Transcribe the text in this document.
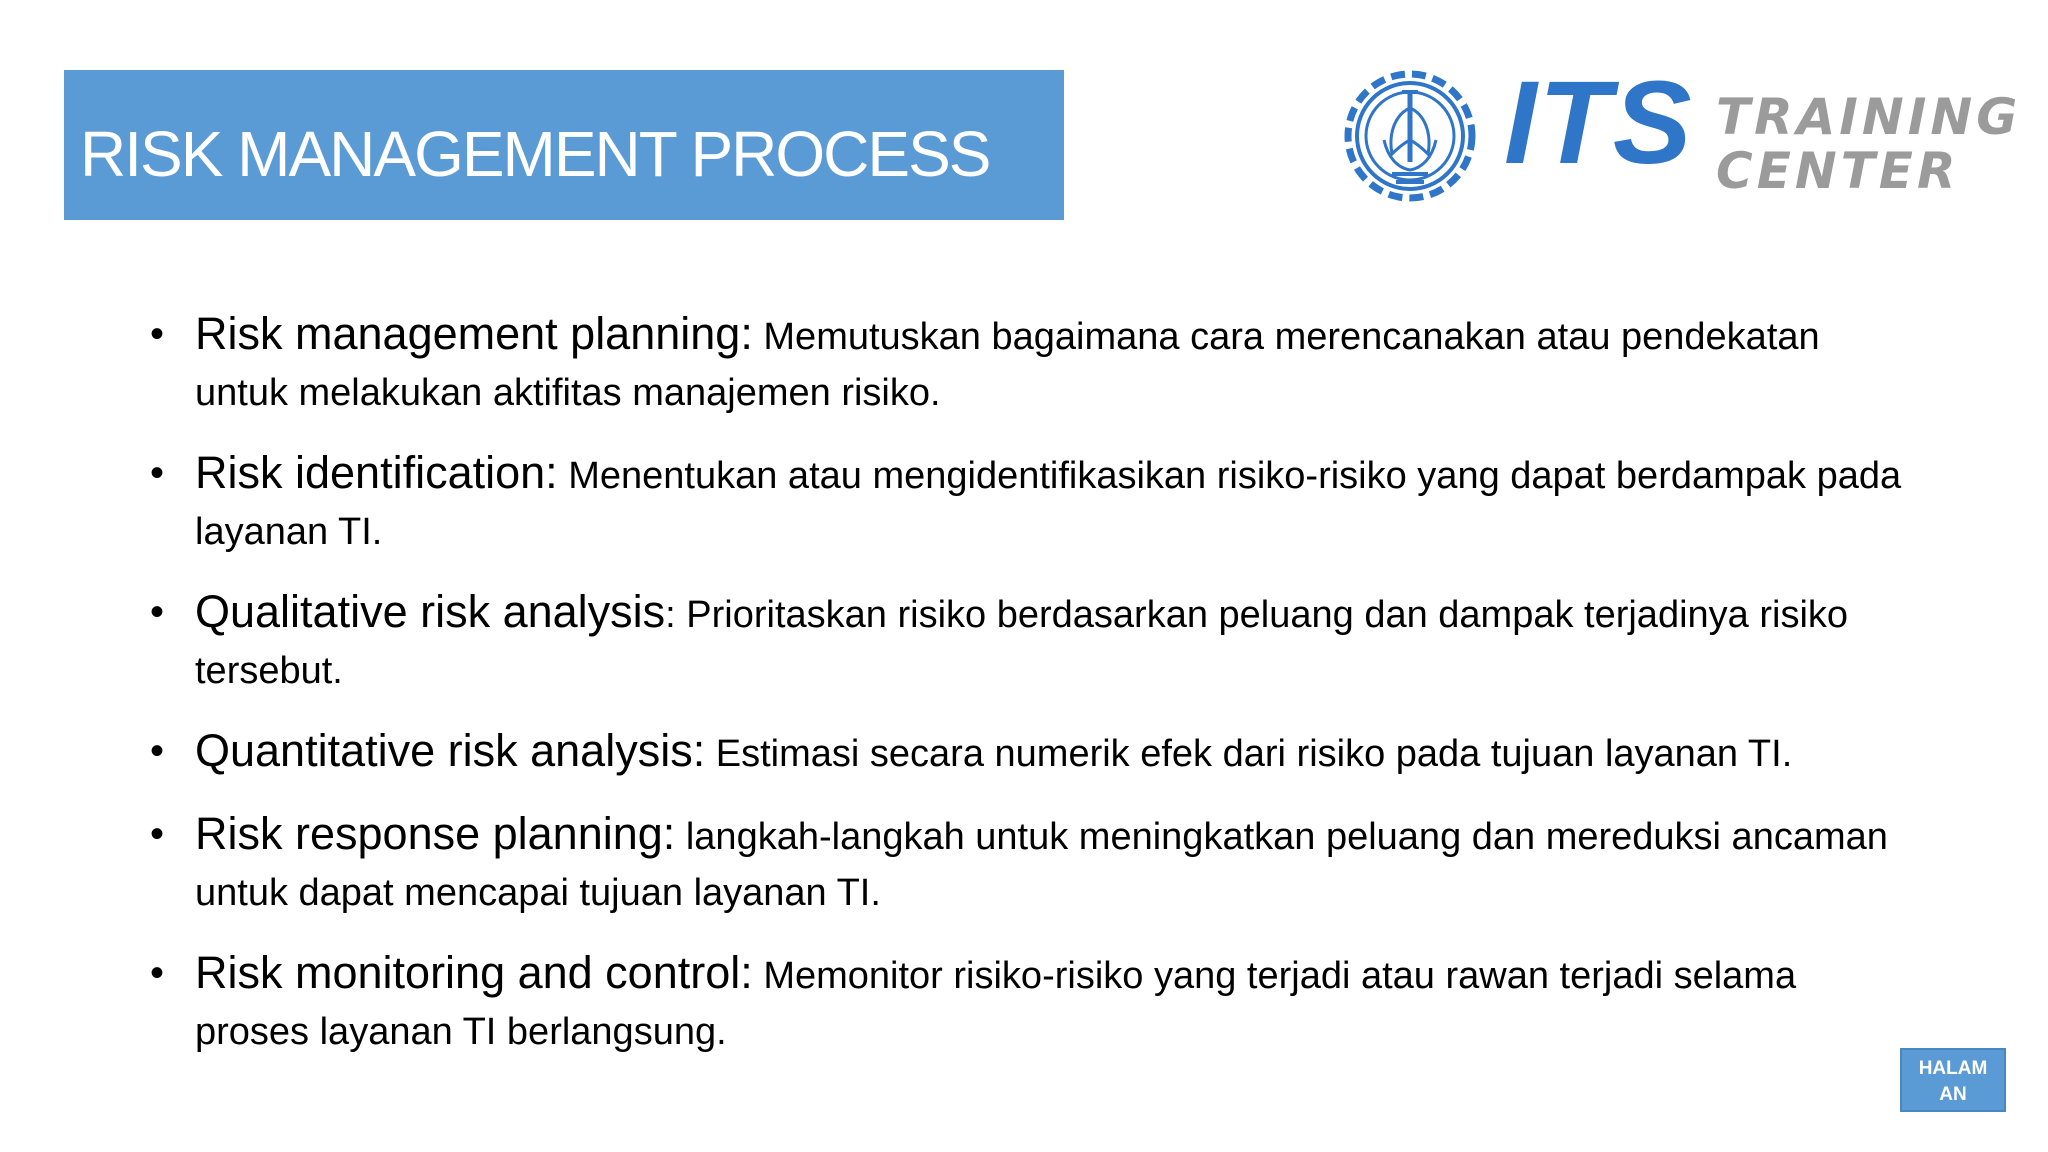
RISK MANAGEMENT PROCESS	ITS TRAINING
CENTER
• Risk management planning: Memutuskan bagaimana cara merencanakan atau pendekatan untuk melakukan aktifitas manajemen risiko.
• Risk identification: Menentukan atau mengidentifikasikan risiko-risiko yang dapat berdampak pada layanan TI.
• Qualitative risk analysis: Prioritaskan risiko berdasarkan peluang dan dampak terjadinya risiko tersebut.
• Quantitative risk analysis: Estimasi secara numerik efek dari risiko pada tujuan layanan TI.
• Risk response planning: langkah-langkah untuk meningkatkan peluang dan mereduksi ancaman untuk dapat mencapai tujuan layanan TI.
• Risk monitoring and control: Memonitor risiko-risiko yang terjadi atau rawan terjadi selama proses layanan TI berlangsung.
HALAMAN
